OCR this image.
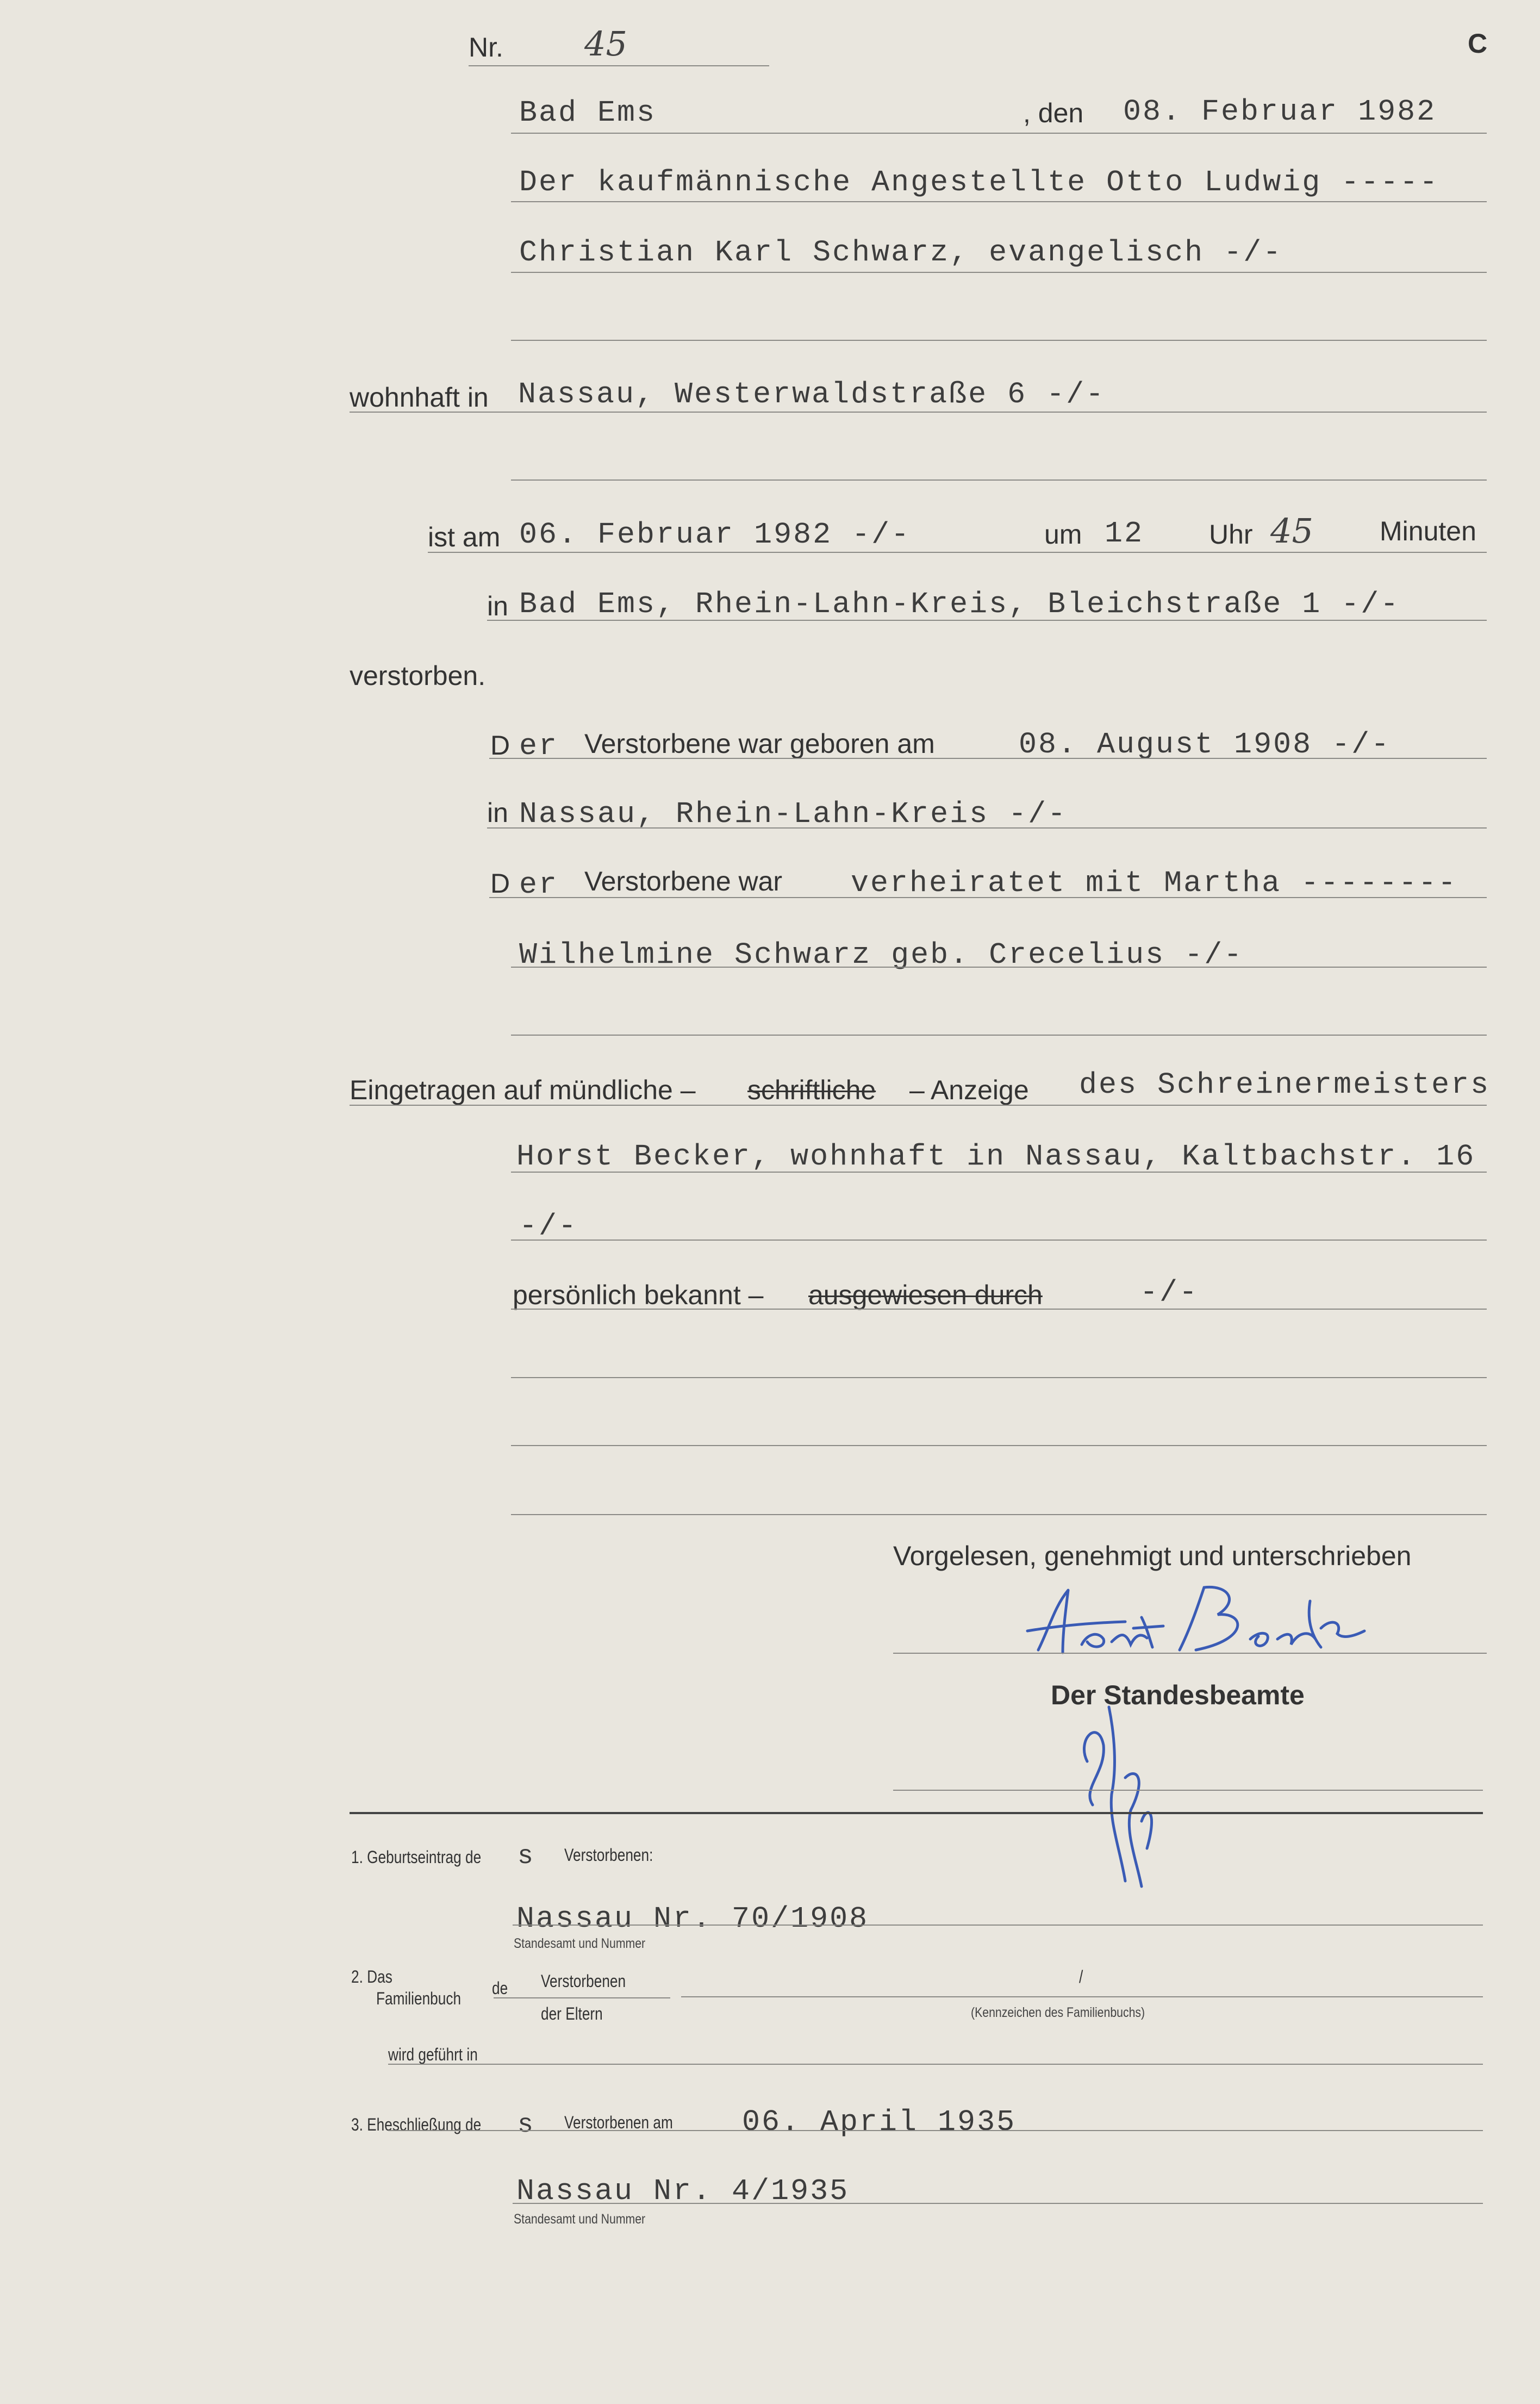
Nr. 45	C
Bad Ems	, den 08. Februar 1982
Der kaufmännische Angestellte Otto Ludwig -----
Christian Karl Schwarz, evangelisch -/-
wohnhaft in Nassau, Westerwaldstraße 6 -/-
ist am 06. Februar 1982 -/-	um 12 Uhr 45 Minuten
in Bad Ems, Rhein-Lahn-Kreis, Bleichstraße 1 -/-
verstorben.
D er Verstorbene war geboren am	08. August 1908 -/-
in Nassau, Rhein-Lahn-Kreis -/-
D er Verstorbene war verheiratet mit Martha --------
Wilhelmine Schwarz geb. Crecelius -/-
Eingetragen auf mündliche – schriftliche – Anzeige des Schreinermeisters
Horst Becker, wohnhaft in Nassau, Kaltbachstr. 16
-/-
persönlich bekannt – ausgewiesen durch	-/-
Vorgelesen, genehmigt und unterschrieben
Der Standesbeamte
1. Geburtseintrag de s Verstorbenen:
Nassau Nr. 70/1908
Standesamt und Nummer
2. Das
Familienbuch
de Verstorbenen	/
der Eltern	(Kennzeichen des Familienbuchs)
wird geführt in
3. Eheschließung de s Verstorbenen am 06. April 1935
Nassau Nr. 4/1935
Standesamt und Nummer
